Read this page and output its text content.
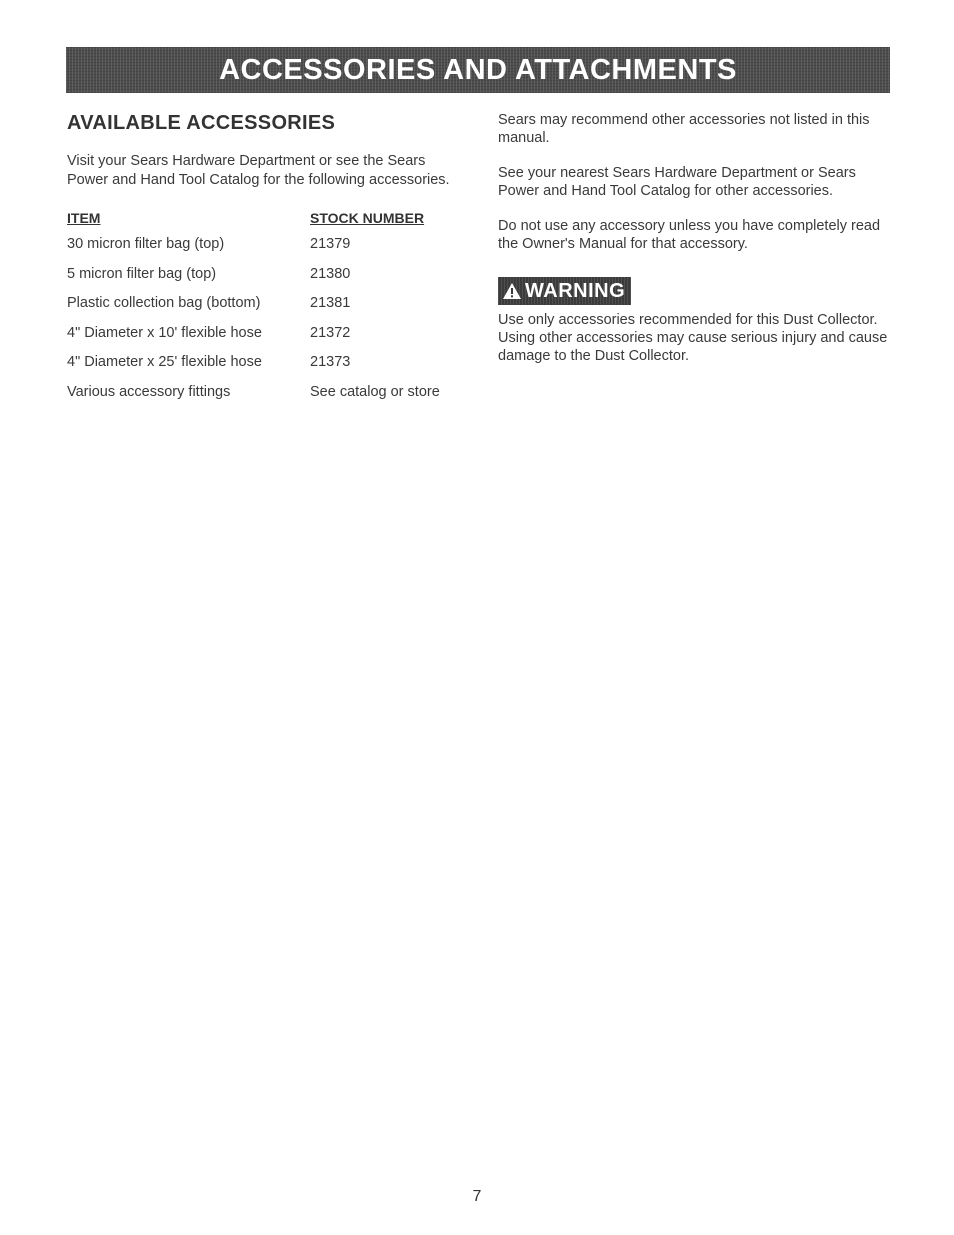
ACCESSORIES AND ATTACHMENTS
AVAILABLE ACCESSORIES

Visit your Sears Hardware Department or see the Sears Power and Hand Tool Catalog for the following accessories.

ITEM	STOCK NUMBER
30 micron filter bag (top)	21379
5 micron filter bag (top)	21380
Plastic collection bag (bottom)	21381
4" Diameter x 10' flexible hose	21372
4" Diameter x 25' flexible hose	21373
Various accessory fittings	See catalog or store

Sears may recommend other accessories not listed in this manual.

See your nearest Sears Hardware Department or Sears Power and Hand Tool Catalog for other accessories.

Do not use any accessory unless you have completely read the Owner's Manual for that accessory.

WARNING

Use only accessories recommended for this Dust Collector. Using other accessories may cause serious injury and cause damage to the Dust Collector.

7
